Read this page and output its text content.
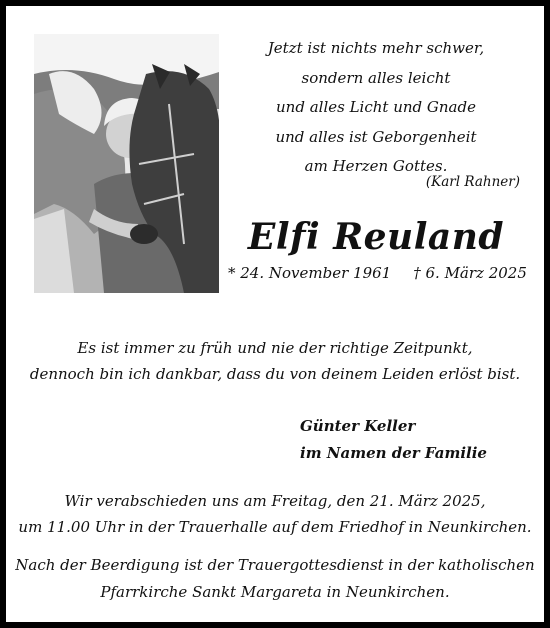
Jetzt ist nichts mehr schwer,
sondern alles leicht
und alles Licht und Gnade
und alles ist Geborgenheit
am Herzen Gottes.
(Karl Rahner)
Elfi Reuland
* 24. November 1961 † 6. März 2025
Es ist immer zu früh und nie der richtige Zeitpunkt,
dennoch bin ich dankbar, dass du von deinem Leiden erlöst bist.
Günter Keller
im Namen der Familie
Wir verabschieden uns am Freitag, den 21. März 2025,
um 11.00 Uhr in der Trauerhalle auf dem Friedhof in Neunkirchen.
Nach der Beerdigung ist der Trauergottesdienst in der katholischen
Pfarrkirche Sankt Margareta in Neunkirchen.
